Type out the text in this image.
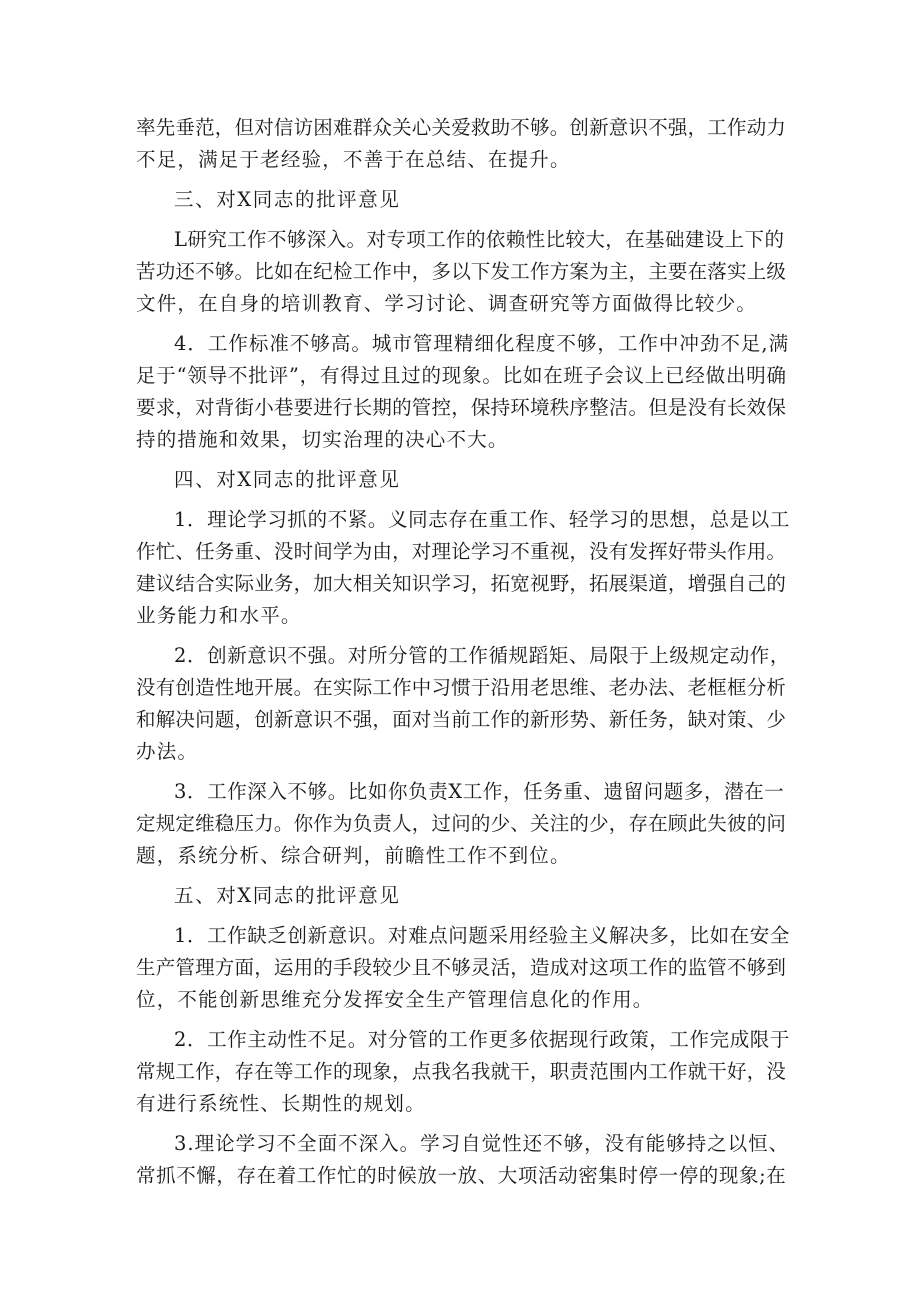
率先垂范，但对信访困难群众关心关爱救助不够。创新意识不强，工作动力
不足，满足于老经验，不善于在总结、在提升。
三、对X同志的批评意见
L研究工作不够深入。对专项工作的依赖性比较大，在基础建设上下的
苦功还不够。比如在纪检工作中，多以下发工作方案为主，主要在落实上级
文件，在自身的培训教育、学习讨论、调查研究等方面做得比较少。
4．工作标准不够高。城市管理精细化程度不够，工作中冲劲不足,满
足于“领导不批评”，有得过且过的现象。比如在班子会议上已经做出明确
要求，对背街小巷要进行长期的管控，保持环境秩序整洁。但是没有长效保
持的措施和效果，切实治理的决心不大。
四、对X同志的批评意见
1．理论学习抓的不紧。义同志存在重工作、轻学习的思想，总是以工
作忙、任务重、没时间学为由，对理论学习不重视，没有发挥好带头作用。
建议结合实际业务，加大相关知识学习，拓宽视野，拓展渠道，增强自己的
业务能力和水平。
2．创新意识不强。对所分管的工作循规蹈矩、局限于上级规定动作，
没有创造性地开展。在实际工作中习惯于沿用老思维、老办法、老框框分析
和解决问题，创新意识不强，面对当前工作的新形势、新任务，缺对策、少
办法。
3．工作深入不够。比如你负责X工作，任务重、遗留问题多，潜在一
定规定维稳压力。你作为负责人，过问的少、关注的少，存在顾此失彼的问
题，系统分析、综合研判，前瞻性工作不到位。
五、对X同志的批评意见
1．工作缺乏创新意识。对难点问题采用经验主义解决多，比如在安全
生产管理方面，运用的手段较少且不够灵活，造成对这项工作的监管不够到
位，不能创新思维充分发挥安全生产管理信息化的作用。
2．工作主动性不足。对分管的工作更多依据现行政策，工作完成限于
常规工作，存在等工作的现象，点我名我就干，职责范围内工作就干好，没
有进行系统性、长期性的规划。
3.理论学习不全面不深入。学习自觉性还不够，没有能够持之以恒、
常抓不懈，存在着工作忙的时候放一放、大项活动密集时停一停的现象;在
